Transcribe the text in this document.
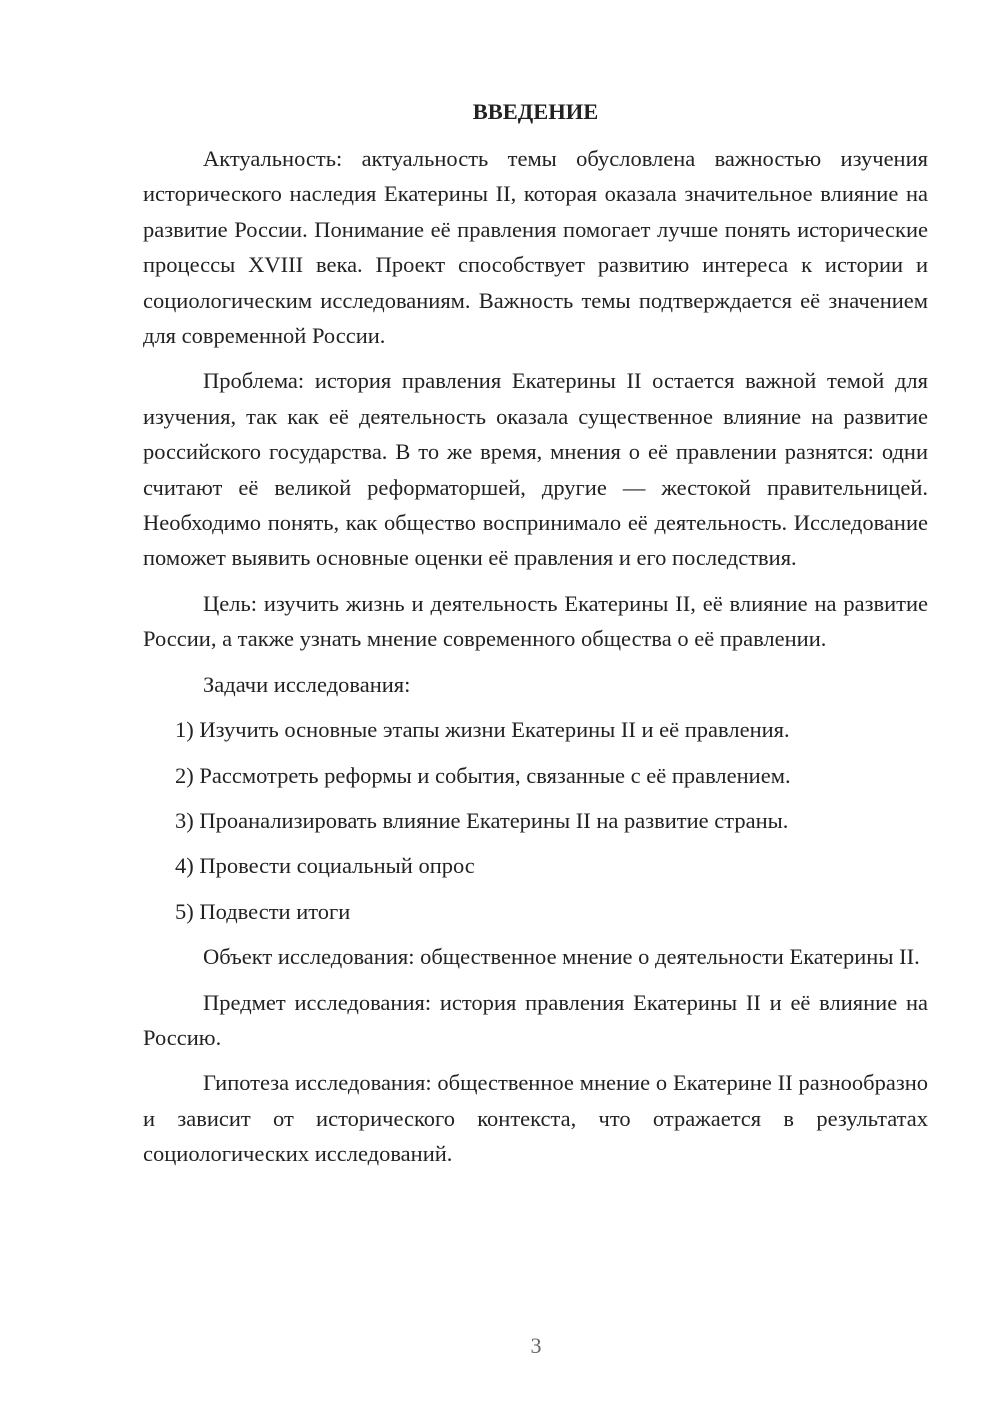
ВВЕДЕНИЕ

Актуальность: актуальность темы обусловлена важностью изучения исторического наследия Екатерины II, которая оказала значительное влияние на развитие России. Понимание её правления помогает лучше понять исторические процессы XVIII века. Проект способствует развитию интереса к истории и социологическим исследованиям. Важность темы подтверждается её значением для современной России.

Проблема: история правления Екатерины II остается важной темой для изучения, так как её деятельность оказала существенное влияние на развитие российского государства. В то же время, мнения о её правлении разнятся: одни считают её великой реформаторшей, другие — жестокой правительницей. Необходимо понять, как общество воспринимало её деятельность. Исследование поможет выявить основные оценки её правления и его последствия.

Цель: изучить жизнь и деятельность Екатерины II, её влияние на развитие России, а также узнать мнение современного общества о её правлении.

Задачи исследования:

1) Изучить основные этапы жизни Екатерины II и её правления.
2) Рассмотреть реформы и события, связанные с её правлением.
3) Проанализировать влияние Екатерины II на развитие страны.
4) Провести социальный опрос
5) Подвести итоги

Объект исследования: общественное мнение о деятельности Екатерины II.

Предмет исследования: история правления Екатерины II и её влияние на Россию.

Гипотеза исследования: общественное мнение о Екатерине II разнообразно и зависит от исторического контекста, что отражается в результатах социологических исследований.

3
